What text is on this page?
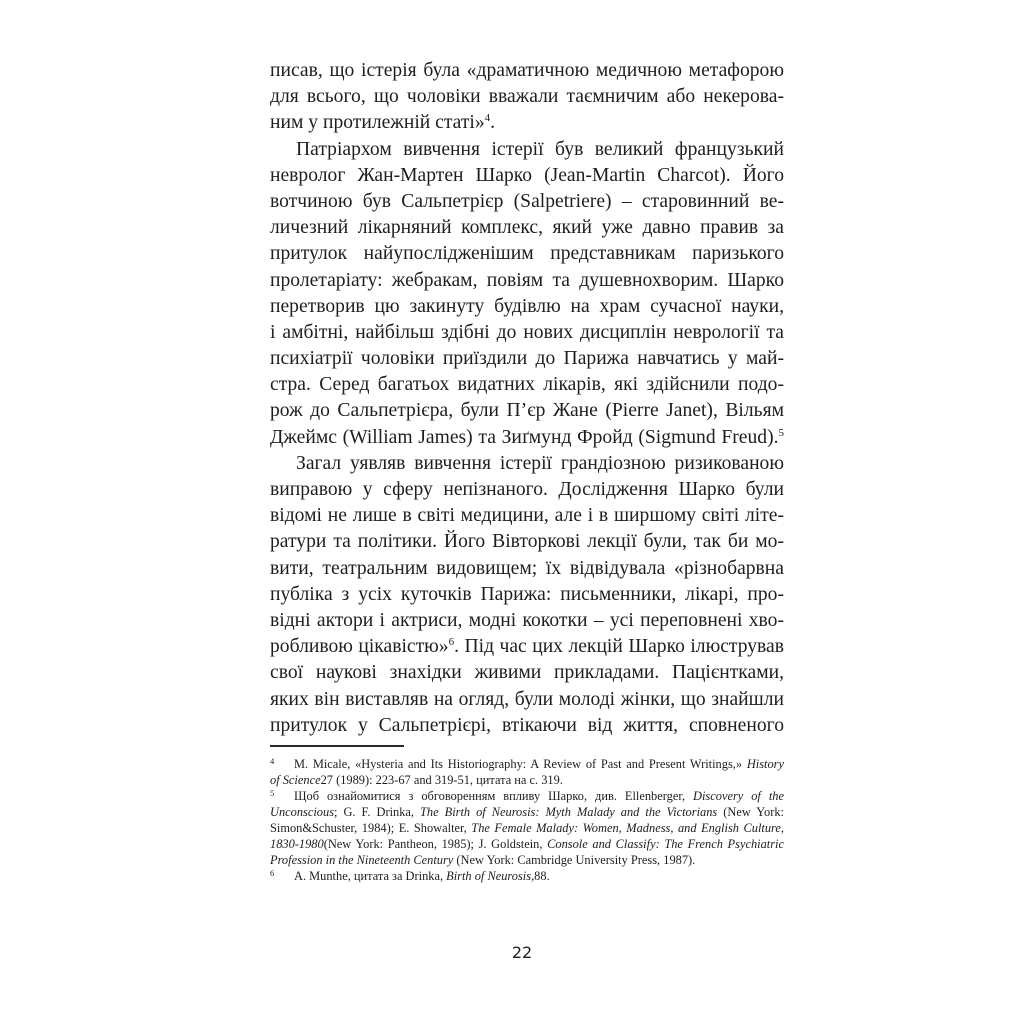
писав, що істерія була «драматичною медичною метафорою
для всього, що чоловіки вважали таємничим або некерова-
ним у протилежній статі»$^4$.
Патріархом вивчення істерії був великий французький
невролог Жан-Мартен Шарко (Jean-Martin Charcot). Його
вотчиною був Сальпетрієр (Salpetriere) – старовинний ве-
личезний лікарняний комплекс, який уже давно правив за
притулок найупослідженішим представникам паризького
пролетаріату: жебракам, повіям та душевнохворим. Шарко
перетворив цю закинуту будівлю на храм сучасної науки,
і амбітні, найбільш здібні до нових дисциплін неврології та
психіатрії чоловіки приїздили до Парижа навчатись у май-
стра. Серед багатьох видатних лікарів, які здійснили подо-
рож до Сальпетрієра, були П’єр Жане (Pierre Janet), Вільям
Джеймс (William James) та Зиґмунд Фройд (Sigmund Freud).$^5$
Загал уявляв вивчення істерії грандіозною ризикованою
виправою у сферу непізнаного. Дослідження Шарко були
відомі не лише в світі медицини, але і в ширшому світі літе-
ратури та політики. Його Вівторкові лекції були, так би мо-
вити, театральним видовищем; їх відвідувала «різнобарвна
публіка з усіх куточків Парижа: письменники, лікарі, про-
відні актори і актриси, модні кокотки – усі переповнені хво-
робливою цікавістю»$^6$. Під час цих лекцій Шарко ілюстрував
свої наукові знахідки живими прикладами. Пацієнтками,
яких він виставляв на огляд, були молоді жінки, що знайшли
притулок у Сальпетрієрі, втікаючи від життя, сповненого
4 M. Micale, «Hysteria and Its Historiography: A Review of Past and Present Writings,» History
of Science27 (1989): 223-67 and 319-51, цитата на с. 319.
5 Щоб ознайомитися з обговоренням впливу Шарко, див. Ellenberger, Discovery of the
Unconscious; G. F. Drinka, The Birth of Neurosis: Myth Malady and the Victorians (New York:
Simon&Schuster, 1984); E. Showalter, The Female Malady: Women, Madness, and English Culture,
1830-1980(New York: Pantheon, 1985); J. Goldstein, Console and Classify: The French Psychiatric
Profession in the Nineteenth Century (New York: Cambridge University Press, 1987).
6 A. Munthe, цитата за Drinka, Birth of Neurosis,88.
22
